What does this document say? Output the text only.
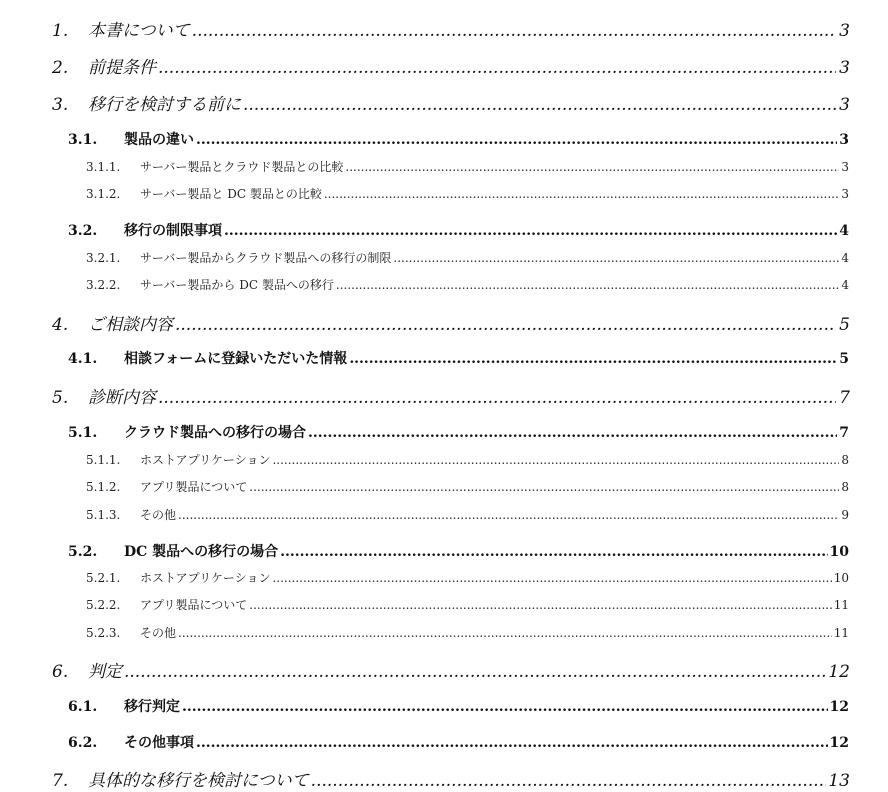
1.	本書について .....	3
2.	前提条件 .....	3
3.	移行を検討する前に .....	3
3.1.	製品の違い .....	3
3.1.1.	サーバー製品とクラウド製品との比較 .....	3
3.1.2.	サーバー製品と DC 製品との比較 .....	3
3.2.	移行の制限事項 .....	4
3.2.1.	サーバー製品からクラウド製品への移行の制限 .....	4
3.2.2.	サーバー製品から DC 製品への移行 .....	4
4.	ご相談内容 .....	5
4.1.	相談フォームに登録いただいた情報 .....	5
5.	診断内容 .....	7
5.1.	クラウド製品への移行の場合 .....	7
5.1.1.	ホストアプリケーション .....	8
5.1.2.	アプリ製品について .....	8
5.1.3.	その他 .....	9
5.2.	DC 製品への移行の場合 .....	10
5.2.1.	ホストアプリケーション .....	10
5.2.2.	アプリ製品について .....	11
5.2.3.	その他 .....	11
6.	判定 .....	12
6.1.	移行判定 .....	12
6.2.	その他事項 .....	12
7.	具体的な移行を検討について .....	13
